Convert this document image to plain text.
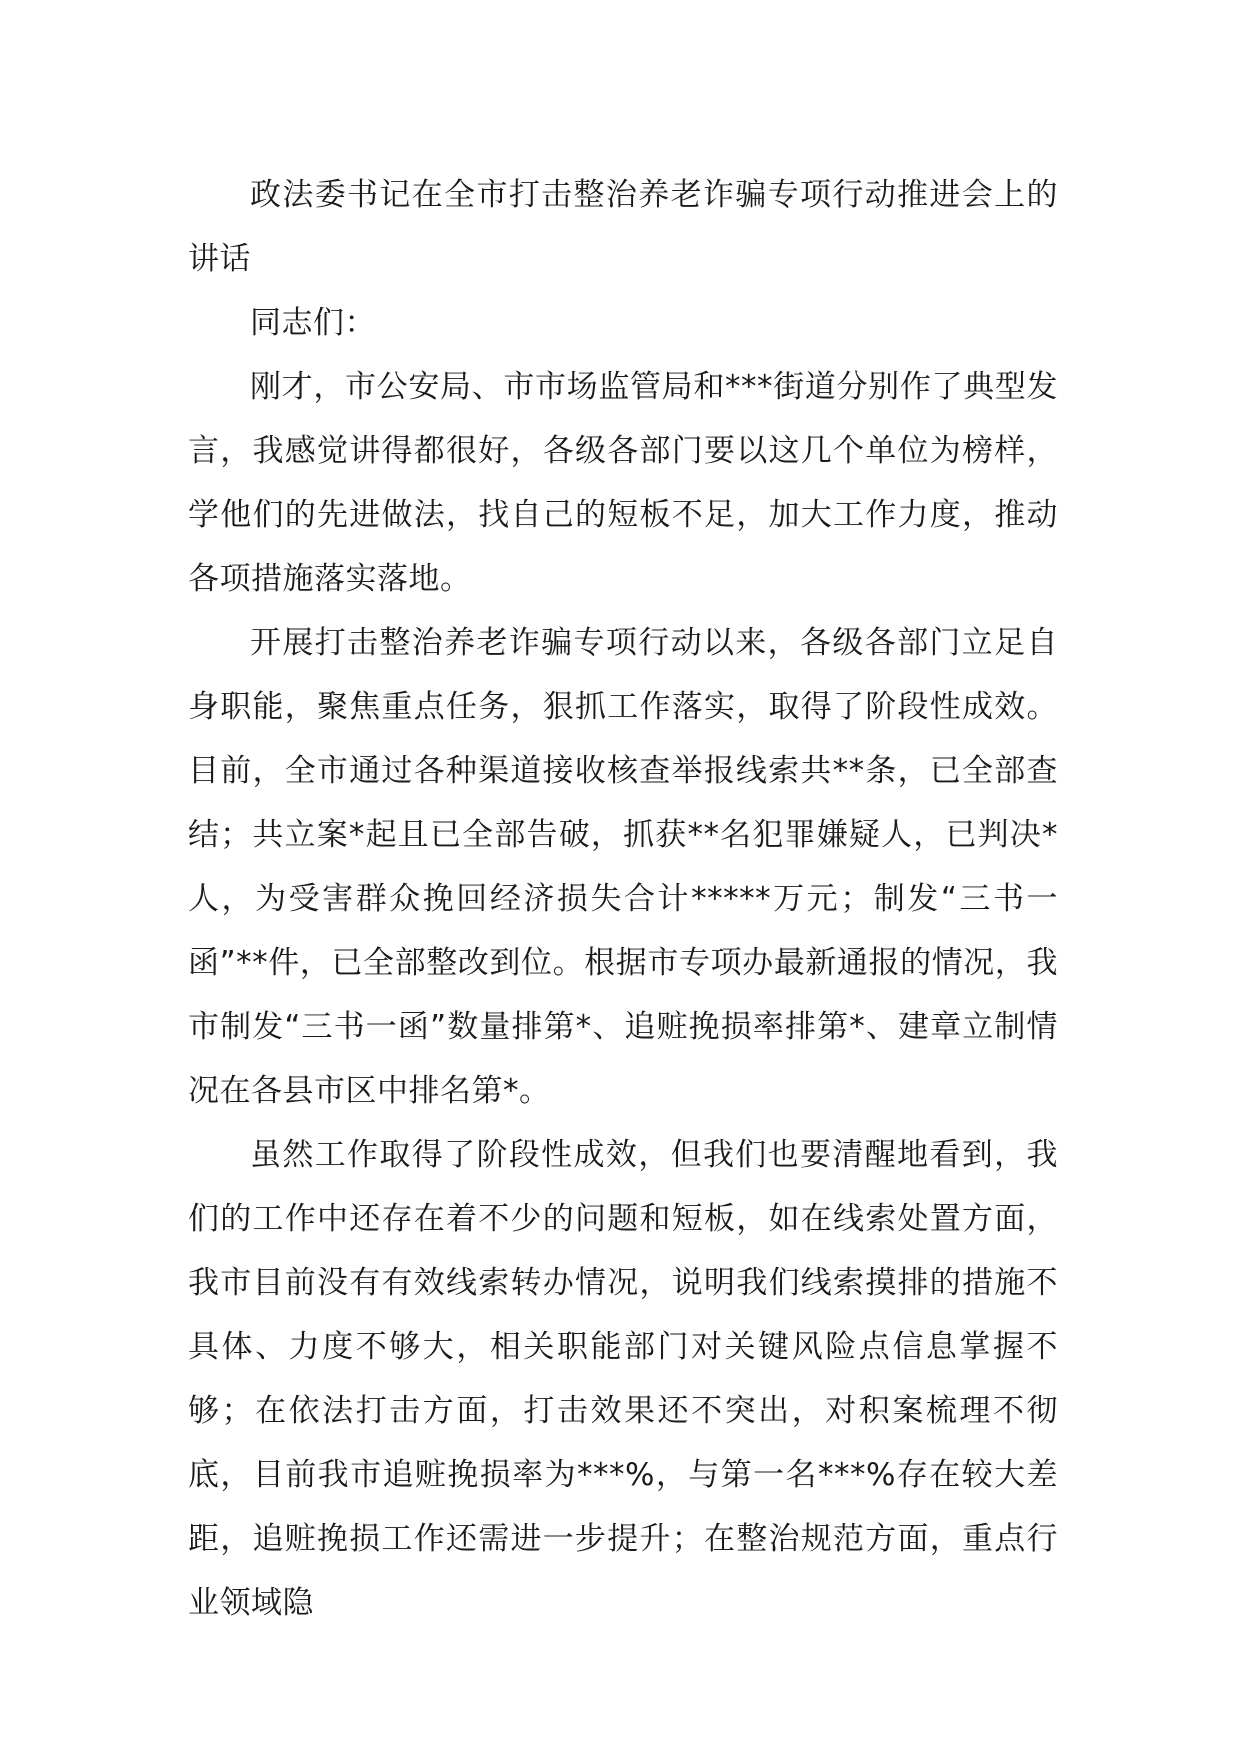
政法委书记在全市打击整治养老诈骗专项行动推进会上的讲话

同志们：

刚才，市公安局、市市场监管局和***街道分别作了典型发言，我感觉讲得都很好，各级各部门要以这几个单位为榜样，学他们的先进做法，找自己的短板不足，加大工作力度，推动各项措施落实落地。

开展打击整治养老诈骗专项行动以来，各级各部门立足自身职能，聚焦重点任务，狠抓工作落实，取得了阶段性成效。目前，全市通过各种渠道接收核查举报线索共**条，已全部查结；共立案*起且已全部告破，抓获**名犯罪嫌疑人，已判决*人，为受害群众挽回经济损失合计*****万元；制发“三书一函”**件，已全部整改到位。根据市专项办最新通报的情况，我市制发“三书一函”数量排第*、追赃挽损率排第*、建章立制情况在各县市区中排名第*。

虽然工作取得了阶段性成效，但我们也要清醒地看到，我们的工作中还存在着不少的问题和短板，如在线索处置方面，我市目前没有有效线索转办情况，说明我们线索摸排的措施不具体、力度不够大，相关职能部门对关键风险点信息掌握不够；在依法打击方面，打击效果还不突出，对积案梳理不彻底，目前我市追赃挽损率为***%，与第一名***%存在较大差距，追赃挽损工作还需进一步提升；在整治规范方面，重点行业领域隐
